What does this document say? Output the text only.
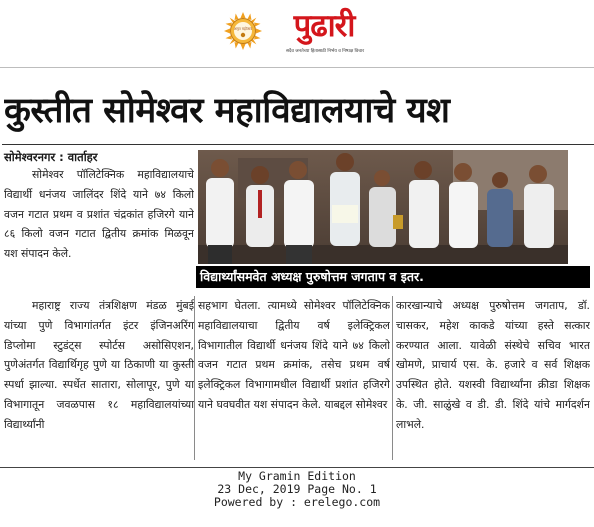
अमृत महोत्सव	पुढारी
सदैव जनतेच्या हितासाठी निर्भय व निष्पक्ष विचार
कुस्तीत सोमेश्वर महाविद्यालयाचे यश
सोमेश्वरनगर : वार्ताहर

सोमेश्वर पॉलिटेक्निक महाविद्यालयाचे विद्यार्थी धनंजय जालिंदर शिंदे याने ७४ किलो वजन गटात प्रथम व प्रशांत चंद्रकांत हजिरगे याने ८६ किलो वजन गटात द्वितीय क्रमांक मिळवून यश संपादन केले.

विद्यार्थ्यांसमवेत अध्यक्ष पुरुषोत्तम जगताप व इतर.

महाराष्ट्र राज्य तंत्रशिक्षण मंडळ मुंबई यांच्या पुणे विभागांतर्गत इंटर इंजिनअरिंग डिप्लोमा स्टुडंट्स स्पोर्टस असोसिएशन, पुणेअंतर्गत विद्यार्थिगृह पुणे या ठिकाणी या कुस्ती स्पर्धा झाल्या. स्पर्धेत सातारा, सोलापूर, पुणे या विभागातून जवळपास १८ महाविद्यालयांच्या विद्यार्थ्यांनी

सहभाग घेतला. त्यामध्ये सोमेश्वर पॉलिटेक्निक महाविद्यालयाचा द्वितीय वर्ष इलेक्ट्रिकल विभागातील विद्यार्थी धनंजय शिंदे याने ७४ किलो वजन गटात प्रथम क्रमांक, तसेच प्रथम वर्ष इलेक्ट्रिकल विभागामधील विद्यार्थी प्रशांत हजिरगे याने घवघवीत यश संपादन केले. याबद्दल सोमेश्वर

कारखान्याचे अध्यक्ष पुरुषोत्तम जगताप, डॉ. चासकर, महेश काकडे यांच्या हस्ते सत्कार करण्यात आला. यावेळी संस्थेचे सचिव भारत खोमणे, प्राचार्य एस. के. हजारे व सर्व शिक्षक उपस्थित होते. यशस्वी विद्यार्थ्यांना क्रीडा शिक्षक के. जी. साळुंखे व डी. डी. शिंदे यांचे मार्गदर्शन लाभले.

My Gramin Edition
23 Dec, 2019 Page No. 1
Powered by : erelego.com
